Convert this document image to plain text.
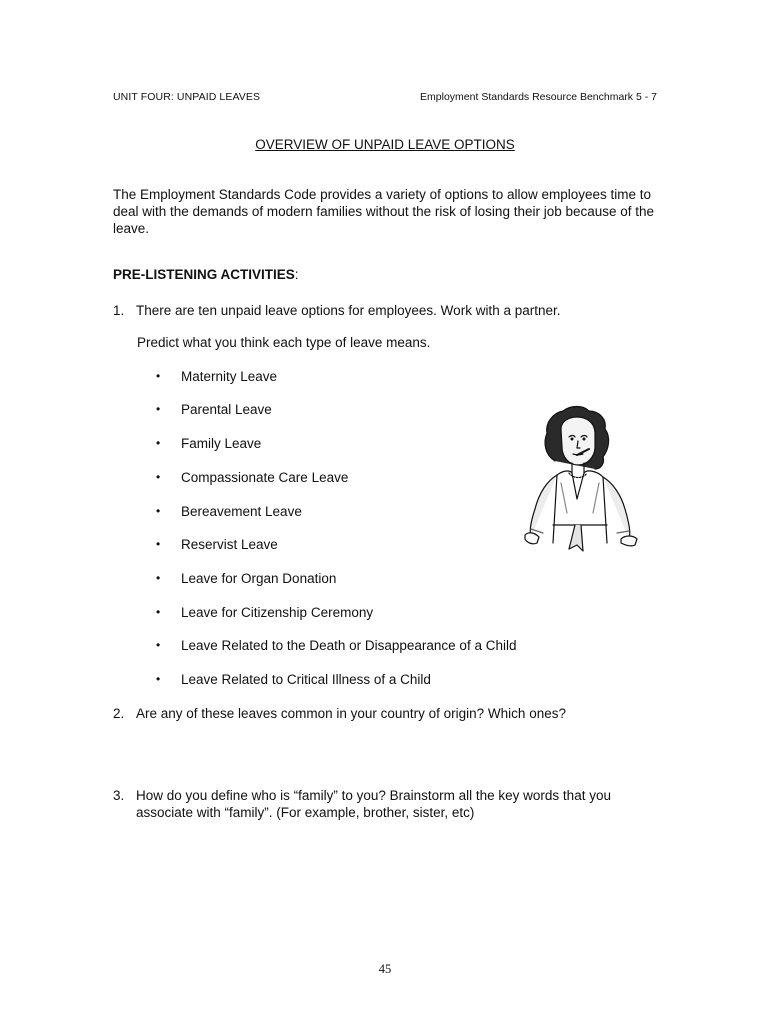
UNIT FOUR: UNPAID LEAVES	Employment Standards Resource Benchmark 5 - 7
OVERVIEW OF UNPAID LEAVE OPTIONS

The Employment Standards Code provides a variety of options to allow employees time to deal with the demands of modern families without the risk of losing their job because of the leave.

PRE-LISTENING ACTIVITIES:
1. There are ten unpaid leave options for employees. Work with a partner.
Predict what you think each type of leave means.
• Maternity Leave
• Parental Leave
• Family Leave
• Compassionate Care Leave
• Bereavement Leave
• Reservist Leave
• Leave for Organ Donation
• Leave for Citizenship Ceremony
• Leave Related to the Death or Disappearance of a Child
• Leave Related to Critical Illness of a Child
2. Are any of these leaves common in your country of origin? Which ones?
3. How do you define who is “family” to you? Brainstorm all the key words that you associate with “family”. (For example, brother, sister, etc)
45
